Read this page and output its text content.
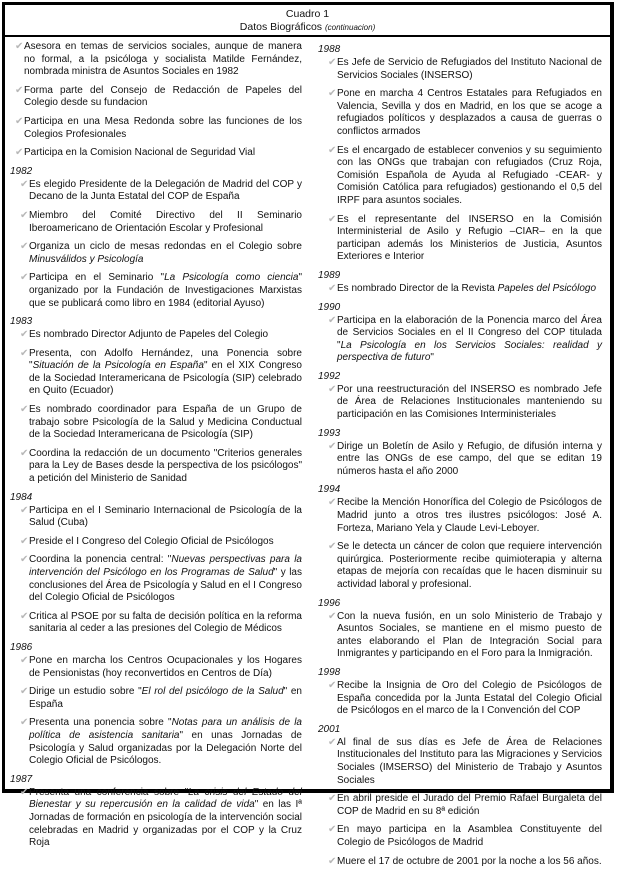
Cuadro 1
Datos Biográficos (continuacion)
✔ Asesora en temas de servicios sociales, aunque de manera no formal, a la psicóloga y socialista Matilde Fernández, nombrada ministra de Asuntos Sociales en 1982
✔ Forma parte del Consejo de Redacción de Papeles del Colegio desde su fundacion
✔ Participa en una Mesa Redonda sobre las funciones de los Colegios Profesionales
✔ Participa en la Comision Nacional de Seguridad Vial
1982
✔ Es elegido Presidente de la Delegación de Madrid del COP y Decano de la Junta Estatal del COP de España
✔ Miembro del Comité Directivo del II Seminario Iberoamericano de Orientación Escolar y Profesional
✔ Organiza un ciclo de mesas redondas en el Colegio sobre Minusválidos y Psicología
✔ Participa en el Seminario "La Psicología como ciencia" organizado por la Fundación de Investigaciones Marxistas que se publicará como libro en 1984 (editorial Ayuso)
1983
✔ Es nombrado Director Adjunto de Papeles del Colegio
✔ Presenta, con Adolfo Hernández, una Ponencia sobre "Situación de la Psicología en España" en el XIX Congreso de la Sociedad Interamericana de Psicología (SIP) celebrado en Quito (Ecuador)
✔ Es nombrado coordinador para España de un Grupo de trabajo sobre Psicología de la Salud y Medicina Conductual de la Sociedad Interamericana de Psicología (SIP)
✔ Coordina la redacción de un documento "Criterios generales para la Ley de Bases desde la perspectiva de los psicólogos" a petición del Ministerio de Sanidad
1984
✔ Participa en el I Seminario Internacional de Psicología de la Salud (Cuba)
✔ Preside el I Congreso del Colegio Oficial de Psicólogos
✔ Coordina la ponencia central: "Nuevas perspectivas para la intervención del Psicólogo en los Programas de Salud" y las conclusiones del Área de Psicología y Salud en el I Congreso del Colegio Oficial de Psicólogos
✔ Critica al PSOE por su falta de decisión política en la reforma sanitaria al ceder a las presiones del Colegio de Médicos
1986
✔ Pone en marcha los Centros Ocupacionales y los Hogares de Pensionistas (hoy reconvertidos en Centros de Día)
✔ Dirige un estudio sobre "El rol del psicólogo de la Salud" en España
✔ Presenta una ponencia sobre "Notas para un análisis de la política de asistencia sanitaria" en unas Jornadas de Psicología y Salud organizadas por la Delegación Norte del Colegio Oficial de Psicólogos.
1987
✔ Presenta una conferencia sobre "La crisis del Estado del Bienestar y su repercusión en la calidad de vida" en las Iª Jornadas de formación en psicología de la intervención social celebradas en Madrid y organizadas por el COP y la Cruz Roja
1988
✔ Es Jefe de Servicio de Refugiados del Instituto Nacional de Servicios Sociales (INSERSO)
✔ Pone en marcha 4 Centros Estatales para Refugiados en Valencia, Sevilla y dos en Madrid, en los que se acoge a refugiados políticos y desplazados a causa de guerras o conflictos armados
✔ Es el encargado de establecer convenios y su seguimiento con las ONGs que trabajan con refugiados (Cruz Roja, Comisión Española de Ayuda al Refugiado -CEAR- y Comisión Católica para refugiados) gestionando el 0,5 del IRPF para asuntos sociales.
✔ Es el representante del INSERSO en la Comisión Interministerial de Asilo y Refugio –CIAR– en la que participan además los Ministerios de Justicia, Asuntos Exteriores e Interior
1989
✔ Es nombrado Director de la Revista Papeles del Psicólogo
1990
✔ Participa en la elaboración de la Ponencia marco del Área de Servicios Sociales en el II Congreso del COP titulada "La Psicología en los Servicios Sociales: realidad y perspectiva de futuro"
1992
✔ Por una reestructuración del INSERSO es nombrado Jefe de Área de Relaciones Institucionales manteniendo su participación en las Comisiones Interministeriales
1993
✔ Dirige un Boletín de Asilo y Refugio, de difusión interna y entre las ONGs de ese campo, del que se editan 19 números hasta el año 2000
1994
✔ Recibe la Mención Honorífica del Colegio de Psicólogos de Madrid junto a otros tres ilustres psicólogos: José A. Forteza, Mariano Yela y Claude Levi-Leboyer.
✔ Se le detecta un cáncer de colon que requiere intervención quirúrgica. Posteriormente recibe quimioterapia y alterna etapas de mejoría con recaídas que le hacen disminuir su actividad laboral y profesional.
1996
✔ Con la nueva fusión, en un solo Ministerio de Trabajo y Asuntos Sociales, se mantiene en el mismo puesto de antes elaborando el Plan de Integración Social para Inmigrantes y participando en el Foro para la Inmigración.
1998
✔ Recibe la Insignia de Oro del Colegio de Psicólogos de España concedida por la Junta Estatal del Colegio Oficial de Psicólogos en el marco de la I Convención del COP
2001
✔ Al final de sus días es Jefe de Área de Relaciones Institucionales del Instituto para las Migraciones y Servicios Sociales (IMSERSO) del Ministerio de Trabajo y Asuntos Sociales
✔ En abril preside el Jurado del Premio Rafael Burgaleta del COP de Madrid en su 8ª edición
✔ En mayo participa en la Asamblea Constituyente del Colegio de Psicólogos de Madrid
✔ Muere el 17 de octubre de 2001 por la noche a los 56 años.
